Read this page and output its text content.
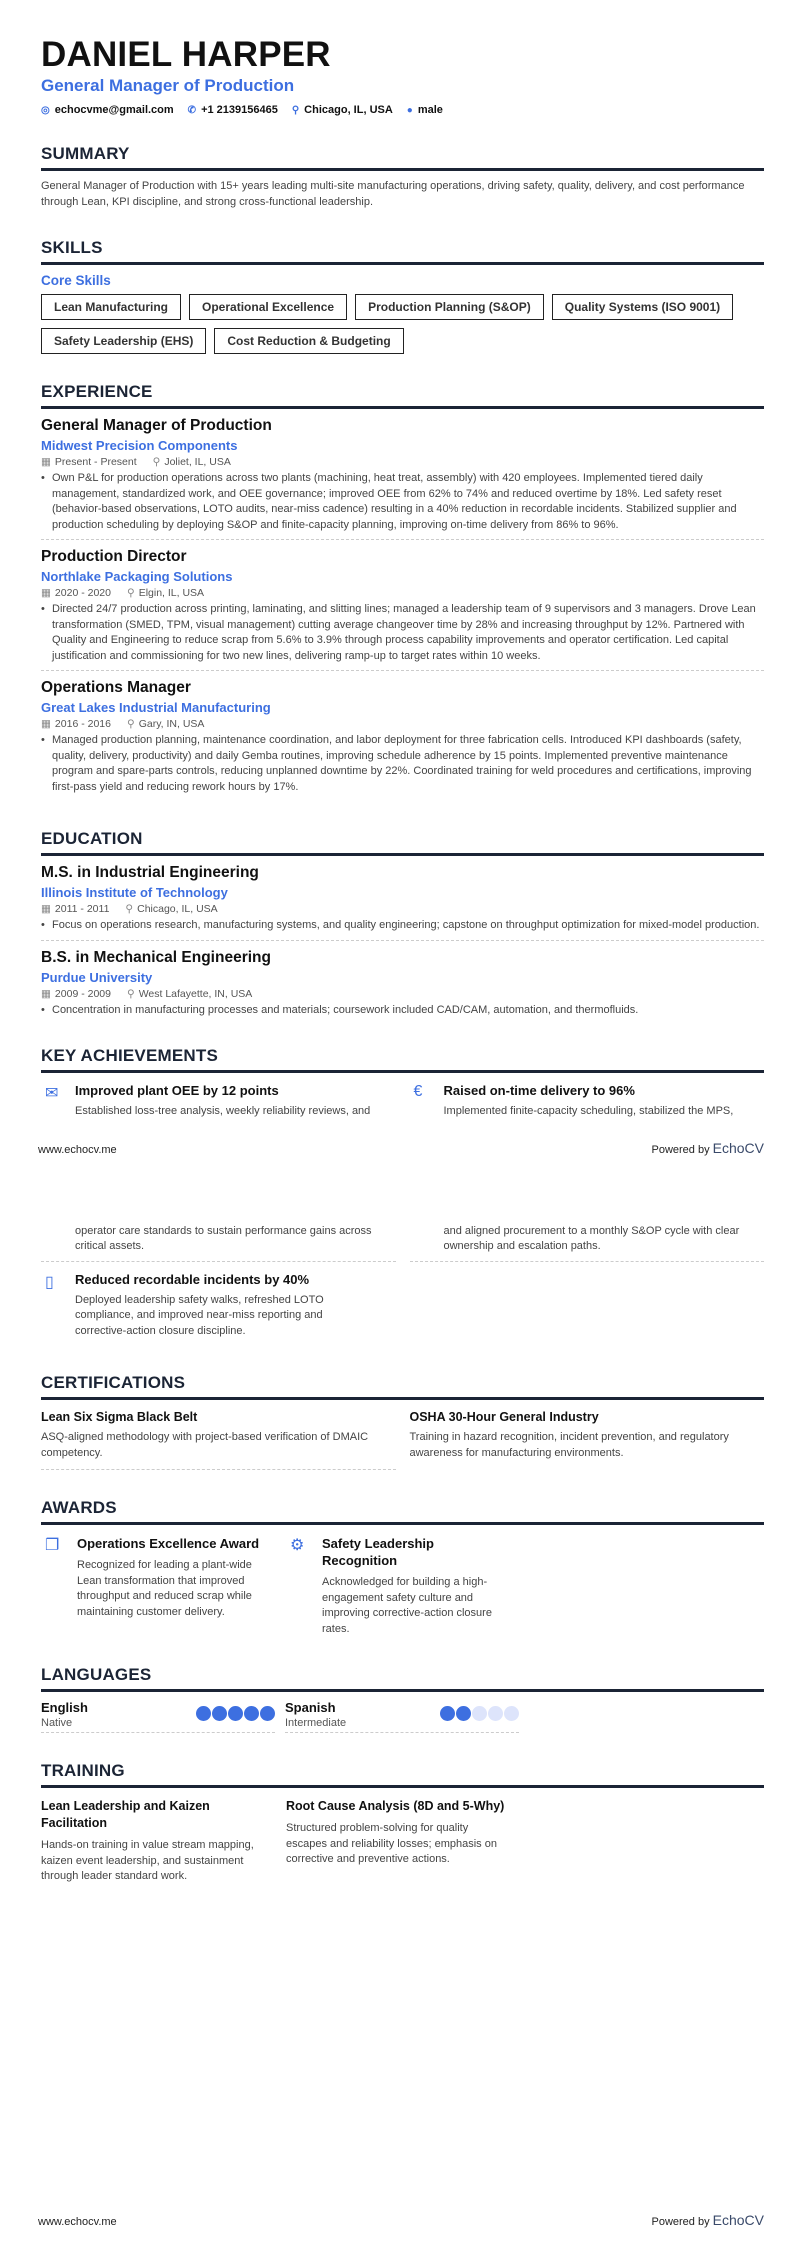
DANIEL HARPER
General Manager of Production
◎ echocvme@gmail.com ✆ +1 2139156465 ⚲ Chicago, IL, USA ● male
SUMMARY

General Manager of Production with 15+ years leading multi-site manufacturing operations, driving safety, quality, delivery, and cost performance through Lean, KPI discipline, and strong cross-functional leadership.

SKILLS
Core Skills
Lean Manufacturing	Operational Excellence	Production Planning (S&OP)	Quality Systems (ISO 9001)
Safety Leadership (EHS)	Cost Reduction & Budgeting
EXPERIENCE
General Manager of Production
Midwest Precision Components
▦ Present - Present ⚲ Joliet, IL, USA
• Own P&L for production operations across two plants (machining, heat treat, assembly) with 420 employees. Implemented tiered daily management, standardized work, and OEE governance; improved OEE from 62% to 74% and reduced overtime by 18%. Led safety reset (behavior-based observations, LOTO audits, near-miss cadence) resulting in a 40% reduction in recordable incidents. Stabilized supplier and production scheduling by deploying S&OP and finite-capacity planning, improving on-time delivery from 86% to 96%.
Production Director
Northlake Packaging Solutions
▦ 2020 - 2020 ⚲ Elgin, IL, USA
• Directed 24/7 production across printing, laminating, and slitting lines; managed a leadership team of 9 supervisors and 3 managers. Drove Lean transformation (SMED, TPM, visual management) cutting average changeover time by 28% and increasing throughput by 12%. Partnered with Quality and Engineering to reduce scrap from 5.6% to 3.9% through process capability improvements and operator certification. Led capital justification and commissioning for two new lines, delivering ramp-up to target rates within 10 weeks.
Operations Manager
Great Lakes Industrial Manufacturing
▦ 2016 - 2016 ⚲ Gary, IN, USA
• Managed production planning, maintenance coordination, and labor deployment for three fabrication cells. Introduced KPI dashboards (safety, quality, delivery, productivity) and daily Gemba routines, improving schedule adherence by 15 points. Implemented preventive maintenance program and spare-parts controls, reducing unplanned downtime by 22%. Coordinated training for weld procedures and certifications, improving first-pass yield and reducing rework hours by 17%.
EDUCATION
M.S. in Industrial Engineering
Illinois Institute of Technology
▦ 2011 - 2011 ⚲ Chicago, IL, USA
• Focus on operations research, manufacturing systems, and quality engineering; capstone on throughput optimization for mixed-model production.
B.S. in Mechanical Engineering
Purdue University
▦ 2009 - 2009 ⚲ West Lafayette, IN, USA
• Concentration in manufacturing processes and materials; coursework included CAD/CAM, automation, and thermofluids.
KEY ACHIEVEMENTS
✉	Improved plant OEE by 12 points

Established loss-tree analysis, weekly reliability reviews, and

€	Raised on-time delivery to 96%

Implemented finite-capacity scheduling, stabilized the MPS,

www.echocv.me	Powered by EchoCV

operator care standards to sustain performance gains across critical assets.

and aligned procurement to a monthly S&OP cycle with clear ownership and escalation paths.

▯	Reduced recordable incidents by 40%

Deployed leadership safety walks, refreshed LOTO compliance, and improved near-miss reporting and corrective-action closure discipline.

CERTIFICATIONS
Lean Six Sigma Black Belt

ASQ-aligned methodology with project-based verification of DMAIC competency.

OSHA 30-Hour General Industry

Training in hazard recognition, incident prevention, and regulatory awareness for manufacturing environments.

AWARDS
❐	Operations Excellence Award

Recognized for leading a plant-wide Lean transformation that improved throughput and reduced scrap while maintaining customer delivery.

⚙	Safety Leadership Recognition

Acknowledged for building a high-engagement safety culture and improving corrective-action closure rates.

LANGUAGES
English
Native
Spanish
Intermediate
TRAINING
Lean Leadership and Kaizen Facilitation

Hands-on training in value stream mapping, kaizen event leadership, and sustainment through leader standard work.

Root Cause Analysis (8D and 5-Why)

Structured problem-solving for quality escapes and reliability losses; emphasis on corrective and preventive actions.

www.echocv.me	Powered by EchoCV
